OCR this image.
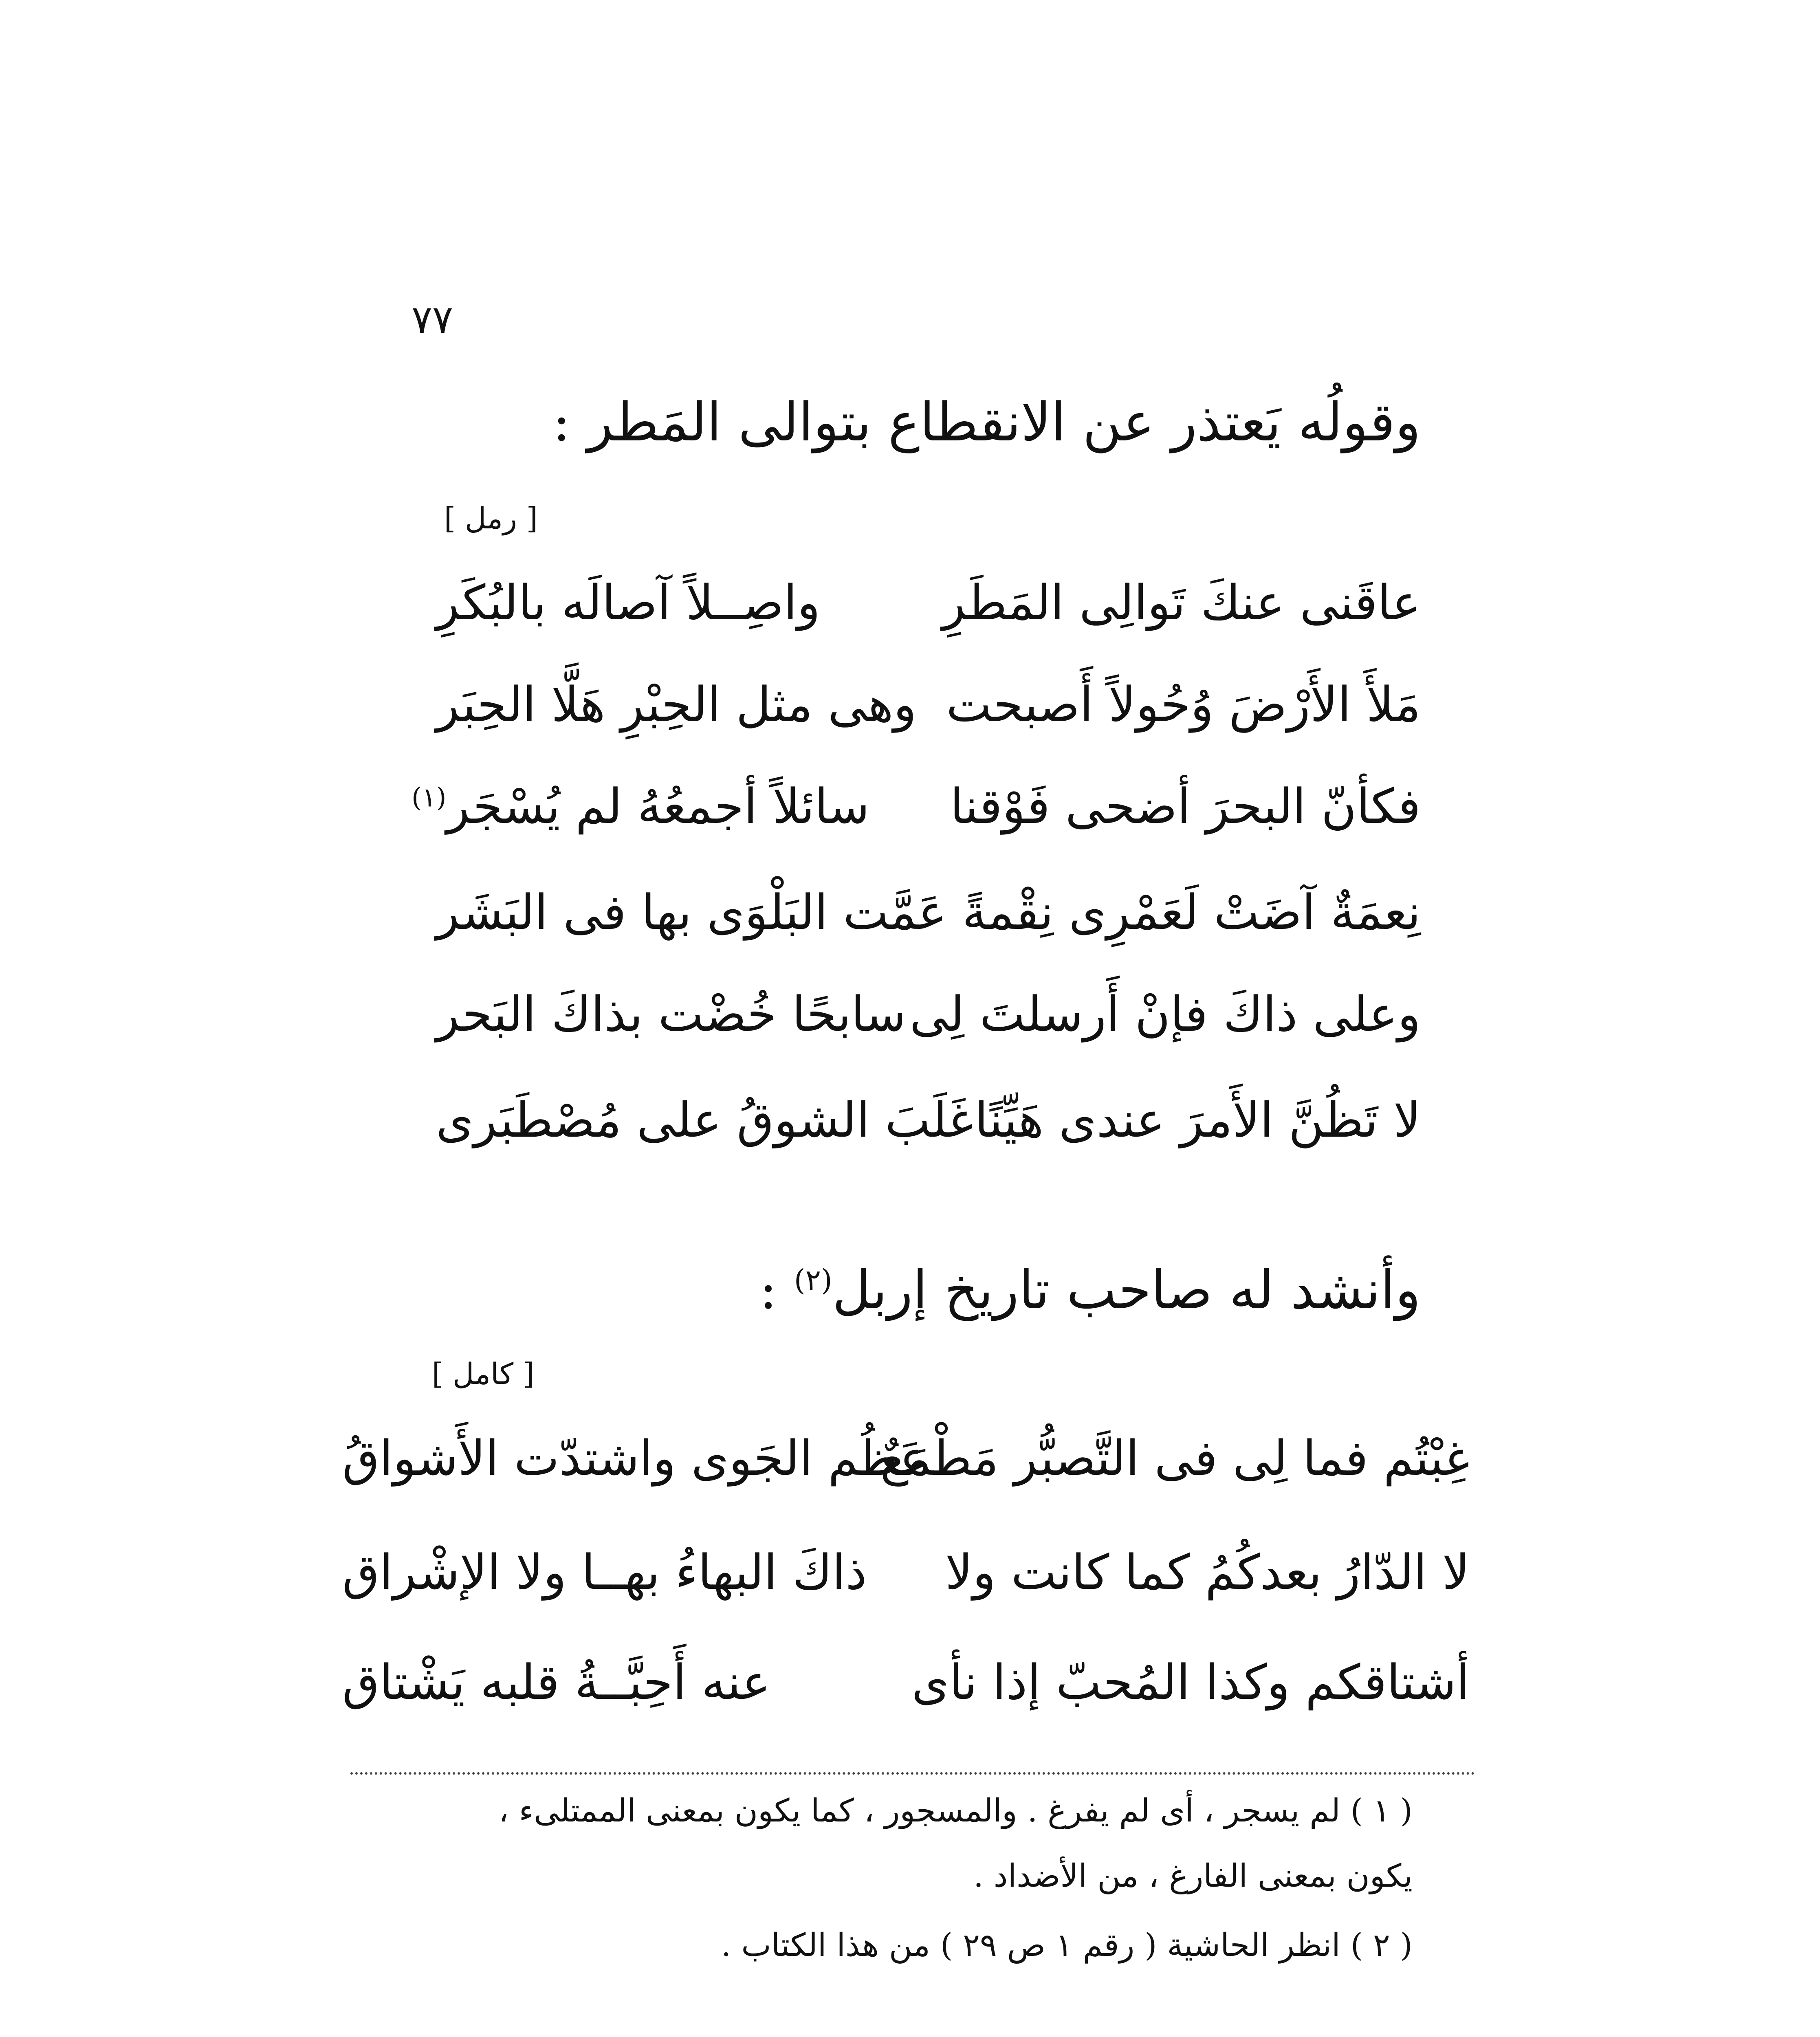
٧٧
وقولُه يَعتذر عن الانقطاع بتوالى المَطر :
[ رمل ]
عاقَنى عنكَ تَوالِى المَطَرِ
واصِــلاً آصالَه بالبُكَرِ
مَلأَ الأَرْضَ وُحُولاً أَصبحت
وهى مثل الحِبْرِ هَلَّا الحِبَر
فكأنّ البحرَ أضحى فَوْقنا
سائلاً أجمعُهُ لم يُسْجَر$^{(١)}$
نِعمَةٌ آضَتْ لَعَمْرِى نِقْمةً
عَمَّت البَلْوَى بها فى البَشَر
وعلى ذاكَ فإنْ أَرسلتَ لِى
سابحًا خُضْت بذاكَ البَحر
لا تَظُنَّ الأَمرَ عندى هَيِّنًا
غَلَبَ الشوقُ على مُصْطَبَرى
وأنشد له صاحب تاريخ إربل$^{(٢)}$ :
[ كامل ]
غِبْتُم فما لِى فى التَّصبُّر مَطْمَعٌ
عَظُم الجَوى واشتدّت الأَشواقُ
لا الدّارُ بعدكُمُ كما كانت ولا
ذاكَ البهاءُ بهــا ولا الإشْراق
أشتاقكم وكذا المُحبّ إذا نأى
عنه أَحِبَّــةُ قلبه يَشْتاق
( ١ ) لم يسجر ، أى لم يفرغ . والمسجور ، كما يكون بمعنى الممتلىء ،
يكون بمعنى الفارغ ، من الأضداد .
( ٢ ) انظر الحاشية ( رقم ١ ص ٢٩ ) من هذا الكتاب .
